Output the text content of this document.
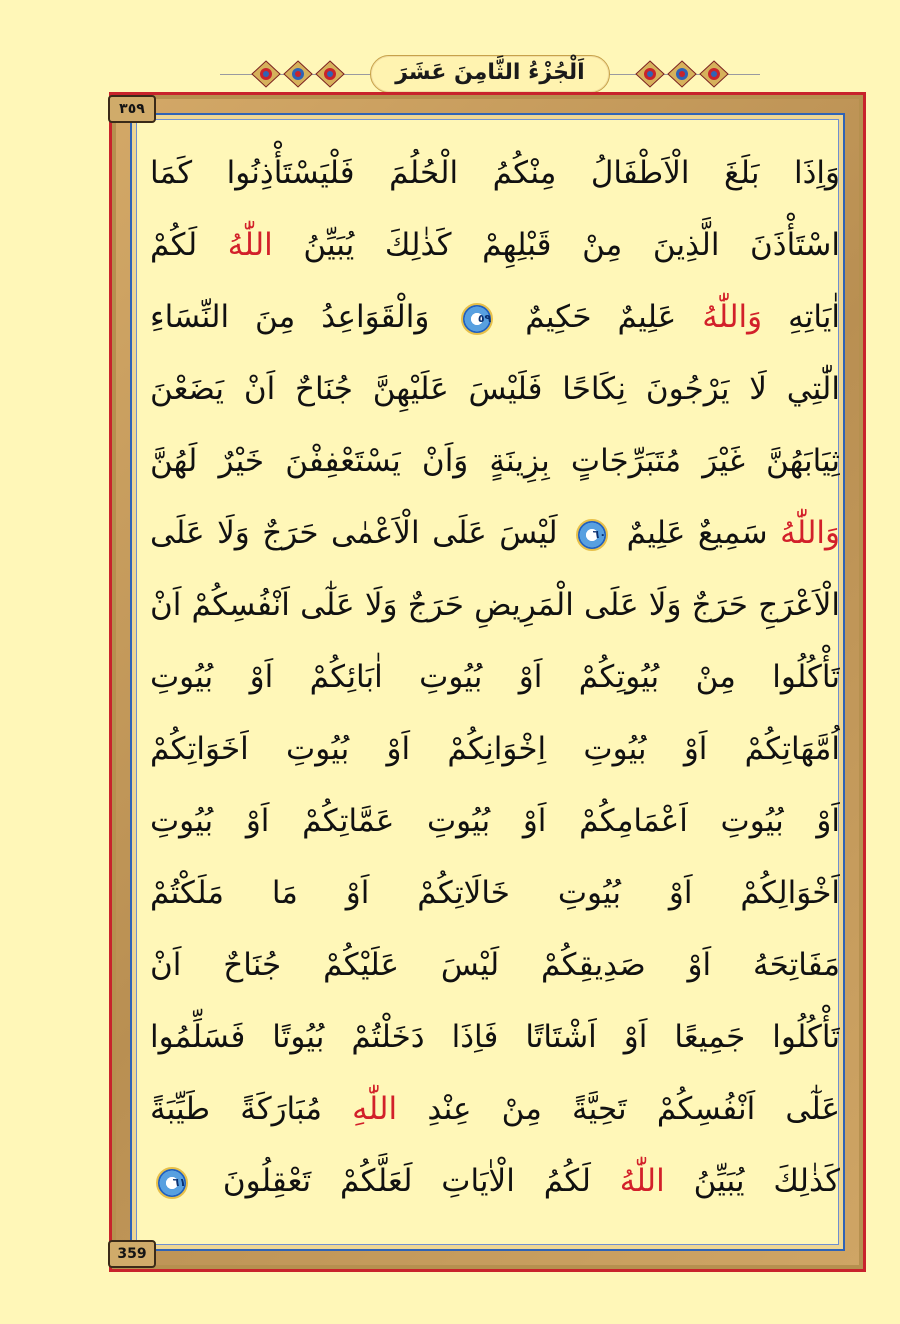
اَلْجُزْءُ الثَّامِنَ عَشَرَ
٣٥٩
359
وَاِذَا بَلَغَ الْاَطْفَالُ مِنْكُمُ الْحُلُمَ فَلْيَسْتَأْذِنُوا كَمَا
اسْتَأْذَنَ الَّذِينَ مِنْ قَبْلِهِمْ كَذٰلِكَ يُبَيِّنُ اللّٰهُ لَكُمْ
اٰيَاتِهِ وَاللّٰهُ عَلِيمٌ حَكِيمٌ ٥٩ وَالْقَوَاعِدُ مِنَ النِّسَاءِ
الّٰتِي لَا يَرْجُونَ نِكَاحًا فَلَيْسَ عَلَيْهِنَّ جُنَاحٌ اَنْ يَضَعْنَ
ثِيَابَهُنَّ غَيْرَ مُتَبَرِّجَاتٍ بِزِينَةٍ وَاَنْ يَسْتَعْفِفْنَ خَيْرٌ لَهُنَّ
وَاللّٰهُ سَمِيعٌ عَلِيمٌ ٦٠ لَيْسَ عَلَى الْاَعْمٰى حَرَجٌ وَلَا عَلَى
الْاَعْرَجِ حَرَجٌ وَلَا عَلَى الْمَرِيضِ حَرَجٌ وَلَا عَلٰٓى اَنْفُسِكُمْ اَنْ
تَأْكُلُوا مِنْ بُيُوتِكُمْ اَوْ بُيُوتِ اٰبَائِكُمْ اَوْ بُيُوتِ
اُمَّهَاتِكُمْ اَوْ بُيُوتِ اِخْوَانِكُمْ اَوْ بُيُوتِ اَخَوَاتِكُمْ
اَوْ بُيُوتِ اَعْمَامِكُمْ اَوْ بُيُوتِ عَمَّاتِكُمْ اَوْ بُيُوتِ
اَخْوَالِكُمْ اَوْ بُيُوتِ خَالَاتِكُمْ اَوْ مَا مَلَكْتُمْ
مَفَاتِحَهُ اَوْ صَدِيقِكُمْ لَيْسَ عَلَيْكُمْ جُنَاحٌ اَنْ
تَأْكُلُوا جَمِيعًا اَوْ اَشْتَاتًا فَاِذَا دَخَلْتُمْ بُيُوتًا فَسَلِّمُوا
عَلٰٓى اَنْفُسِكُمْ تَحِيَّةً مِنْ عِنْدِ اللّٰهِ مُبَارَكَةً طَيِّبَةً
كَذٰلِكَ يُبَيِّنُ اللّٰهُ لَكُمُ الْاٰيَاتِ لَعَلَّكُمْ تَعْقِلُونَ ٦١
